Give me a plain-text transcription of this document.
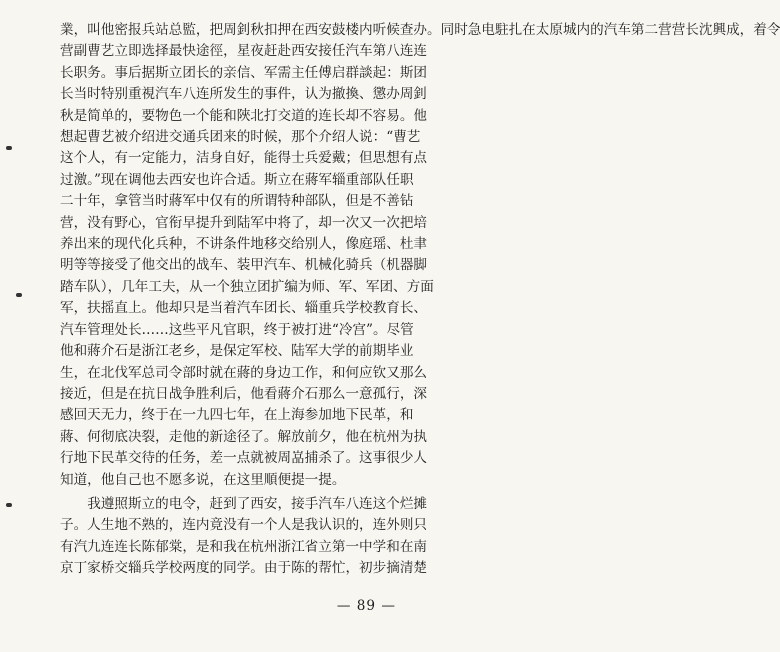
業，叫他密报兵站总監，把周釗秋扣押在西安鼓楼内听候查办。同时急电駐扎在太原城内的汽车第二营营长沈興成，着令
营副曹艺立即选择最快途徑，星夜赶赴西安接任汽车第八连连
长职务。事后据斯立团长的亲信、军需主任傅启群談起：斯团
长当时特别重視汽车八连所发生的事件，认为撤換、懲办周釗
秋是简单的，要物色一个能和陜北打交道的连长却不容易。他
想起曹艺被介绍进交通兵团来的时候，那个介绍人说：“曹艺
这个人，有一定能力，洁身自好，能得士兵爱戴；但思想有点
过激。”现在调他去西安也许合适。斯立在蔣军辎重部队任职
二十年，拿管当时蔣军中仅有的所谓特种部队，但是不善钻
营，没有野心，官衔早提升到陆军中将了，却一次又一次把培
养出来的现代化兵种，不讲条件地移交给别人，像庭瑶、杜聿
明等等接受了他交出的战车、装甲汽车、机械化骑兵（机器脚
踏车队），几年工夫，从一个独立团扩编为师、军、军团、方面
军，扶摇直上。他却只是当着汽车团长、辎重兵学校教育长、
汽车管理处长……这些平凡官职，终于被打进“冷宫”。尽管
他和蔣介石是浙江老乡，是保定军校、陆军大学的前期毕业
生，在北伐军总司令部时就在蔣的身边工作，和何应钦又那么
接近，但是在抗日战争胜利后，他看蔣介石那么一意孤行，深
感回天无力，终于在一九四七年，在上海参加地下民革，和
蔣、何彻底决裂，走他的新途径了。解放前夕，他在杭州为执
行地下民革交待的任务，差一点就被周嵓捕杀了。这事很少人
知道，他自己也不愿多说，在这里順便提一提。
我遵照斯立的电令，赶到了西安，接手汽车八连这个烂摊
子。人生地不熟的，连内竟没有一个人是我认识的，连外则只
有汽九连连长陈郁棠，是和我在杭州浙江省立第一中学和在南
京丁家桥交辎兵学校两度的同学。由于陈的帮忙，初步摘清楚
— 89 —
